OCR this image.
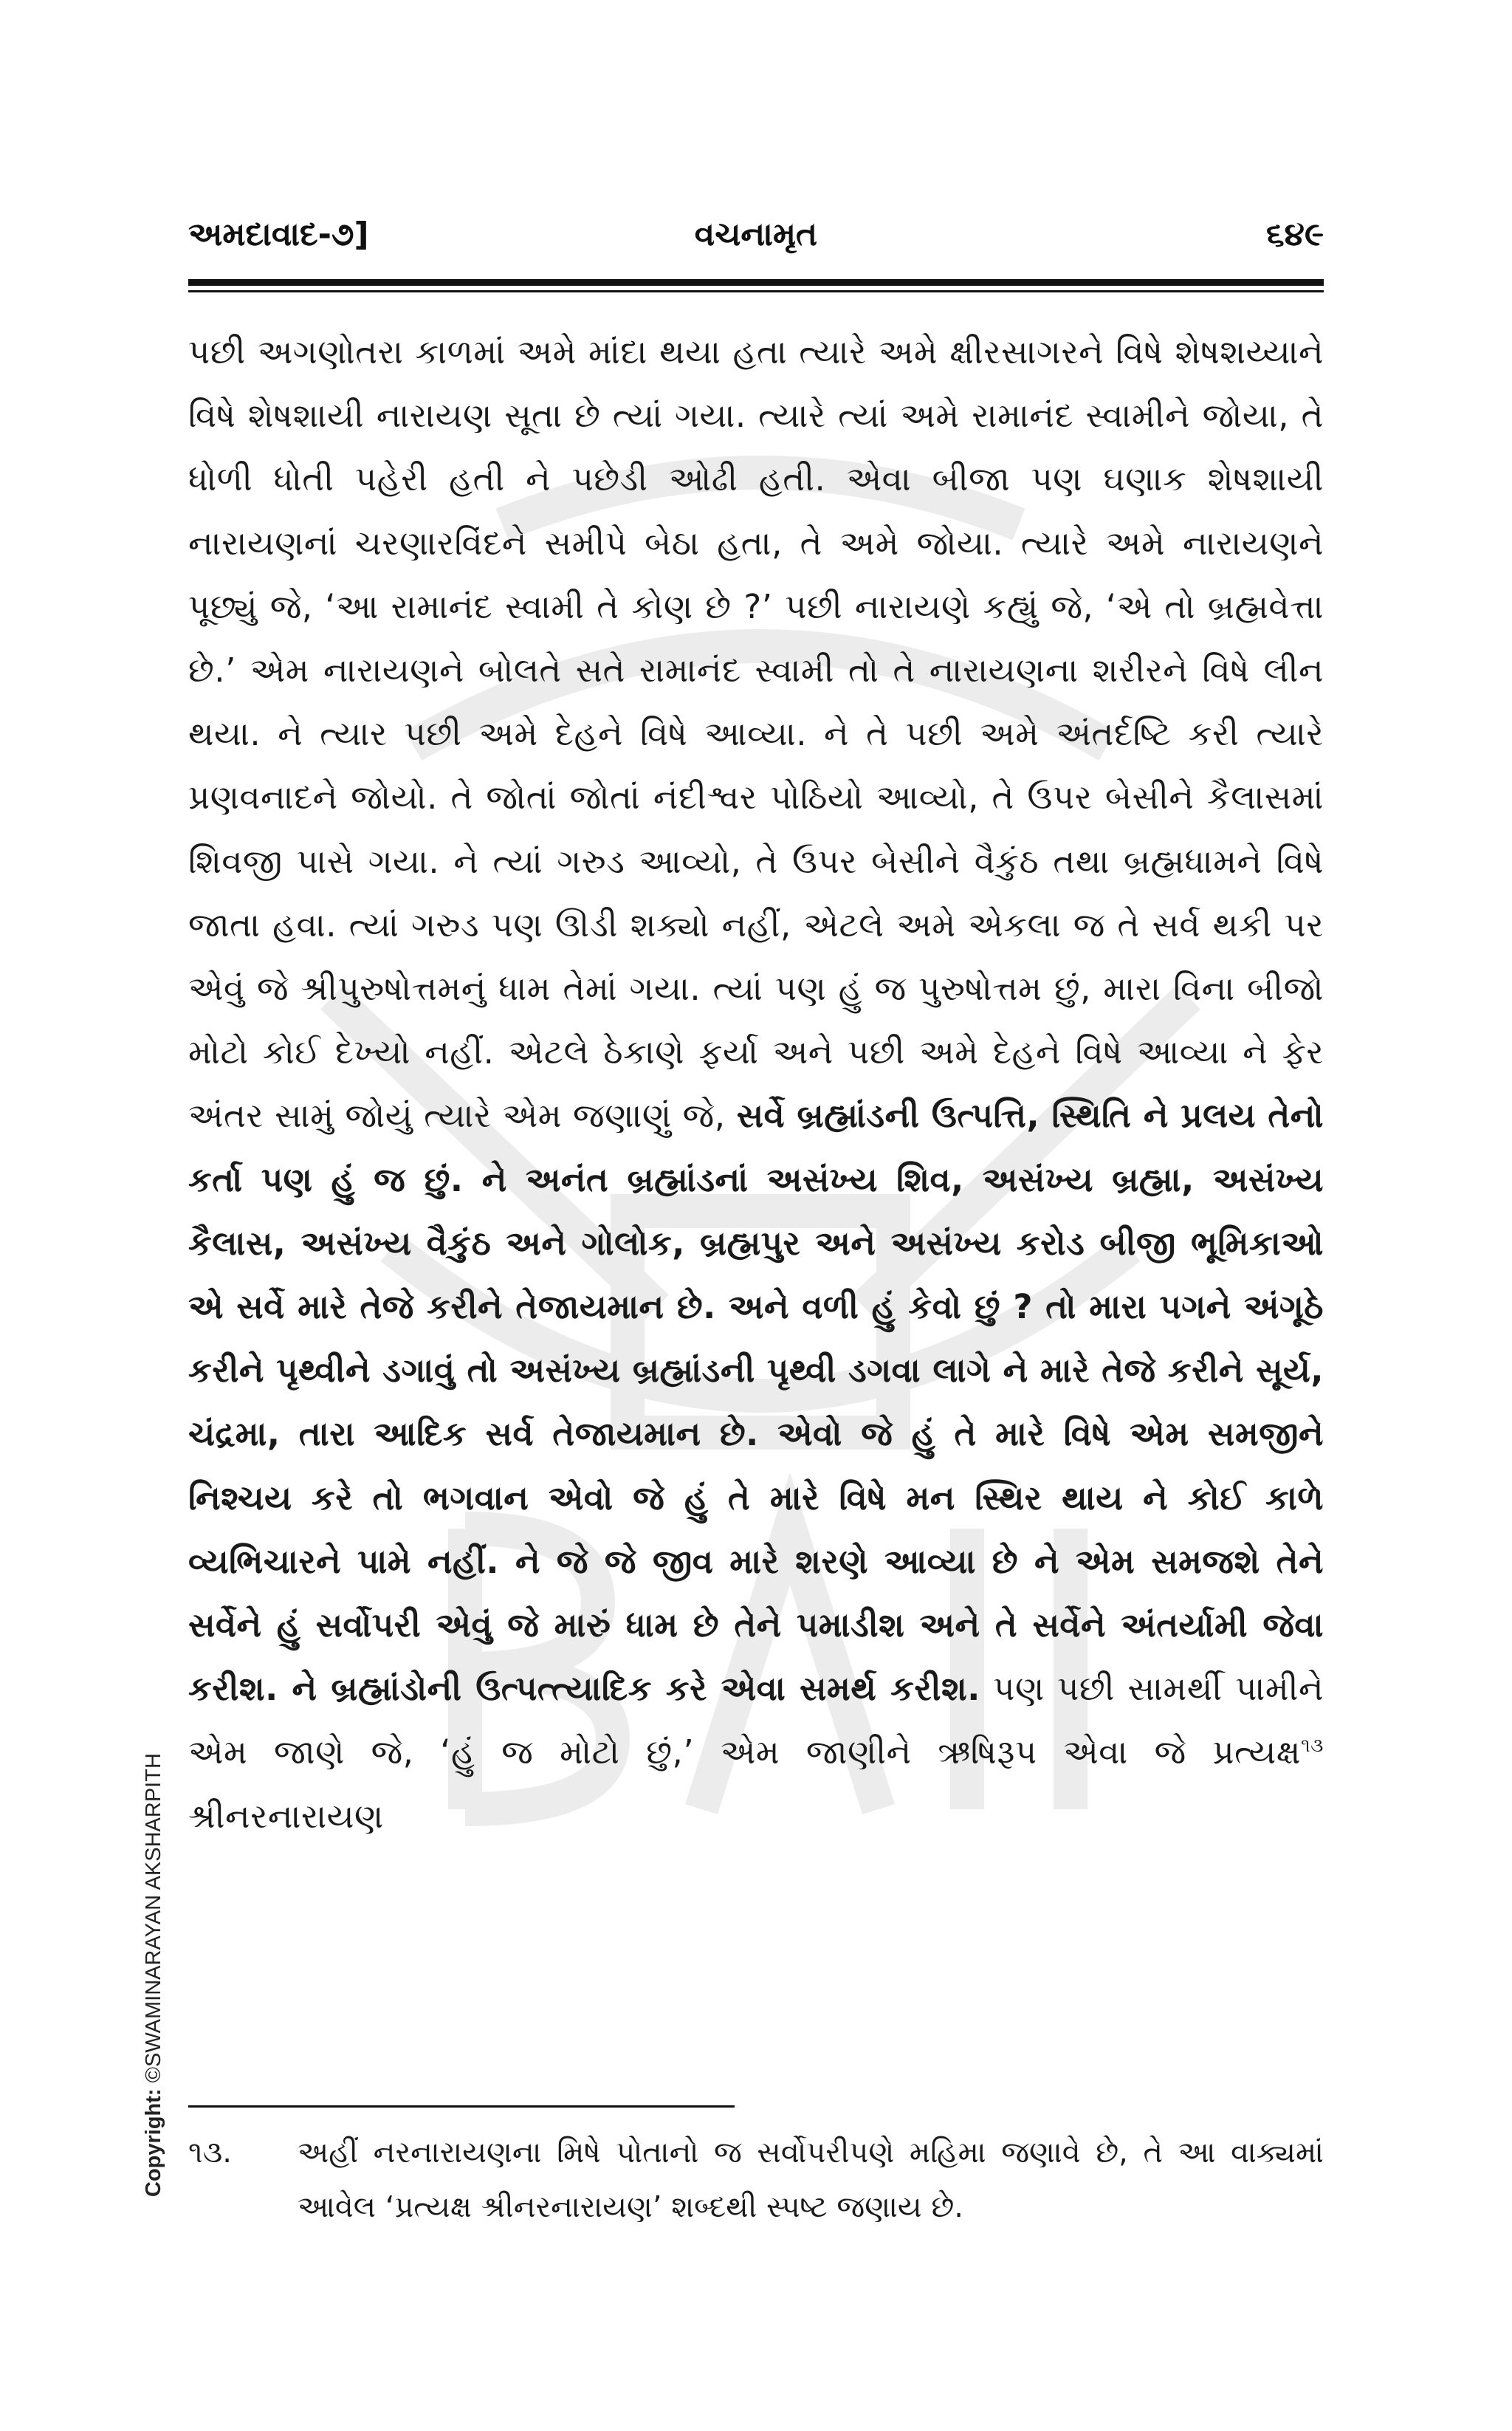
અમદાવાદ-૭]	વચનામૃત	૬૪૯
પછી અગણોતરા કાળમાં અમે માંદા થયા હતા ત્યારે અમે ક્ષીરસાગરને વિષે શેષશય્યાને વિષે શેષશાયી નારાયણ સૂતા છે ત્યાં ગયા. ત્યારે ત્યાં અમે રામાનંદ સ્વામીને જોયા, તે ધોળી ધોતી પહેરી હતી ને પછેડી ઓઢી હતી. એવા બીજા પણ ઘણાક શેષશાયી નારાયણનાં ચરણારવિંદને સમીપે બેઠા હતા, તે અમે જોયા. ત્યારે અમે નારાયણને પૂછ્યું જે, ‘આ રામાનંદ સ્વામી તે કોણ છે ?’ પછી નારાયણે કહ્યું જે, ‘એ તો બ્રહ્મવેત્તા છે.’ એમ નારાયણને બોલતે સતે રામાનંદ સ્વામી તો તે નારાયણના શરીરને વિષે લીન થયા. ને ત્યાર પછી અમે દેહને વિષે આવ્યા. ને તે પછી અમે અંતર્દષ્ટિ કરી ત્યારે પ્રણવનાદને જોયો. તે જોતાં જોતાં નંદીશ્વર પોઠિયો આવ્યો, તે ઉપર બેસીને કૈલાસમાં શિવજી પાસે ગયા. ને ત્યાં ગરુડ આવ્યો, તે ઉપર બેસીને વૈકુંઠ તથા બ્રહ્મધામને વિષે જાતા હવા. ત્યાં ગરુડ પણ ઊડી શક્યો નહીં, એટલે અમે એકલા જ તે સર્વ થકી પર એવું જે શ્રીપુરુષોત્તમનું ધામ તેમાં ગયા. ત્યાં પણ હું જ પુરુષોત્તમ છું, મારા વિના બીજો મોટો કોઈ દેખ્યો નહીં. એટલે ઠેકાણે ફર્યા અને પછી અમે દેહને વિષે આવ્યા ને ફેર અંતર સામું જોયું ત્યારે એમ જણાણું જે, સર્વે બ્રહ્માંડની ઉત્પત્તિ, સ્થિતિ ને પ્રલય તેનો કર્તા પણ હું જ છું. ને અનંત બ્રહ્માંડનાં અસંખ્ય શિવ, અસંખ્ય બ્રહ્મા, અસંખ્ય કૈલાસ, અસંખ્ય વૈકુંઠ અને ગોલોક, બ્રહ્મપુર અને અસંખ્ય કરોડ બીજી ભૂમિકાઓ એ સર્વે મારે તેજે કરીને તેજાયમાન છે. અને વળી હું કેવો છું ? તો મારા પગને અંગૂઠે કરીને પૃથ્વીને ડગાવું તો અસંખ્ય બ્રહ્માંડની પૃથ્વી ડગવા લાગે ને મારે તેજે કરીને સૂર્ય, ચંદ્રમા, તારા આદિક સર્વ તેજાયમાન છે. એવો જે હું તે મારે વિષે એમ સમજીને નિશ્ચય કરે તો ભગવાન એવો જે હું તે મારે વિષે મન સ્થિર થાય ને કોઈ કાળે વ્યભિચારને પામે નહીં. ને જે જે જીવ મારે શરણે આવ્યા છે ને એમ સમજશે તેને સર્વેને હું સર્વોપરી એવું જે મારું ધામ છે તેને પમાડીશ અને તે સર્વેને અંતર્યામી જેવા કરીશ. ને બ્રહ્માંડોની ઉત્પત્ત્યાદિક કરે એવા સમર્થ કરીશ. પણ પછી સામર્થી પામીને એમ જાણે જે, ‘હું જ મોટો છું,’ એમ જાણીને ઋષિરૂપ એવા જે પ્રત્યક્ષ$^{૧૩}$ શ્રીનરનારાયણ
૧૩. અહીં નરનારાયણના મિષે પોતાનો જ સર્વોપરીપણે મહિમા જણાવે છે, તે આ વાક્યમાં આવેલ ‘પ્રત્યક્ષ શ્રીનરનારાયણ’ શબ્દથી સ્પષ્ટ જણાય છે.
Copyright: ©SWAMINARAYAN AKSHARPITH
